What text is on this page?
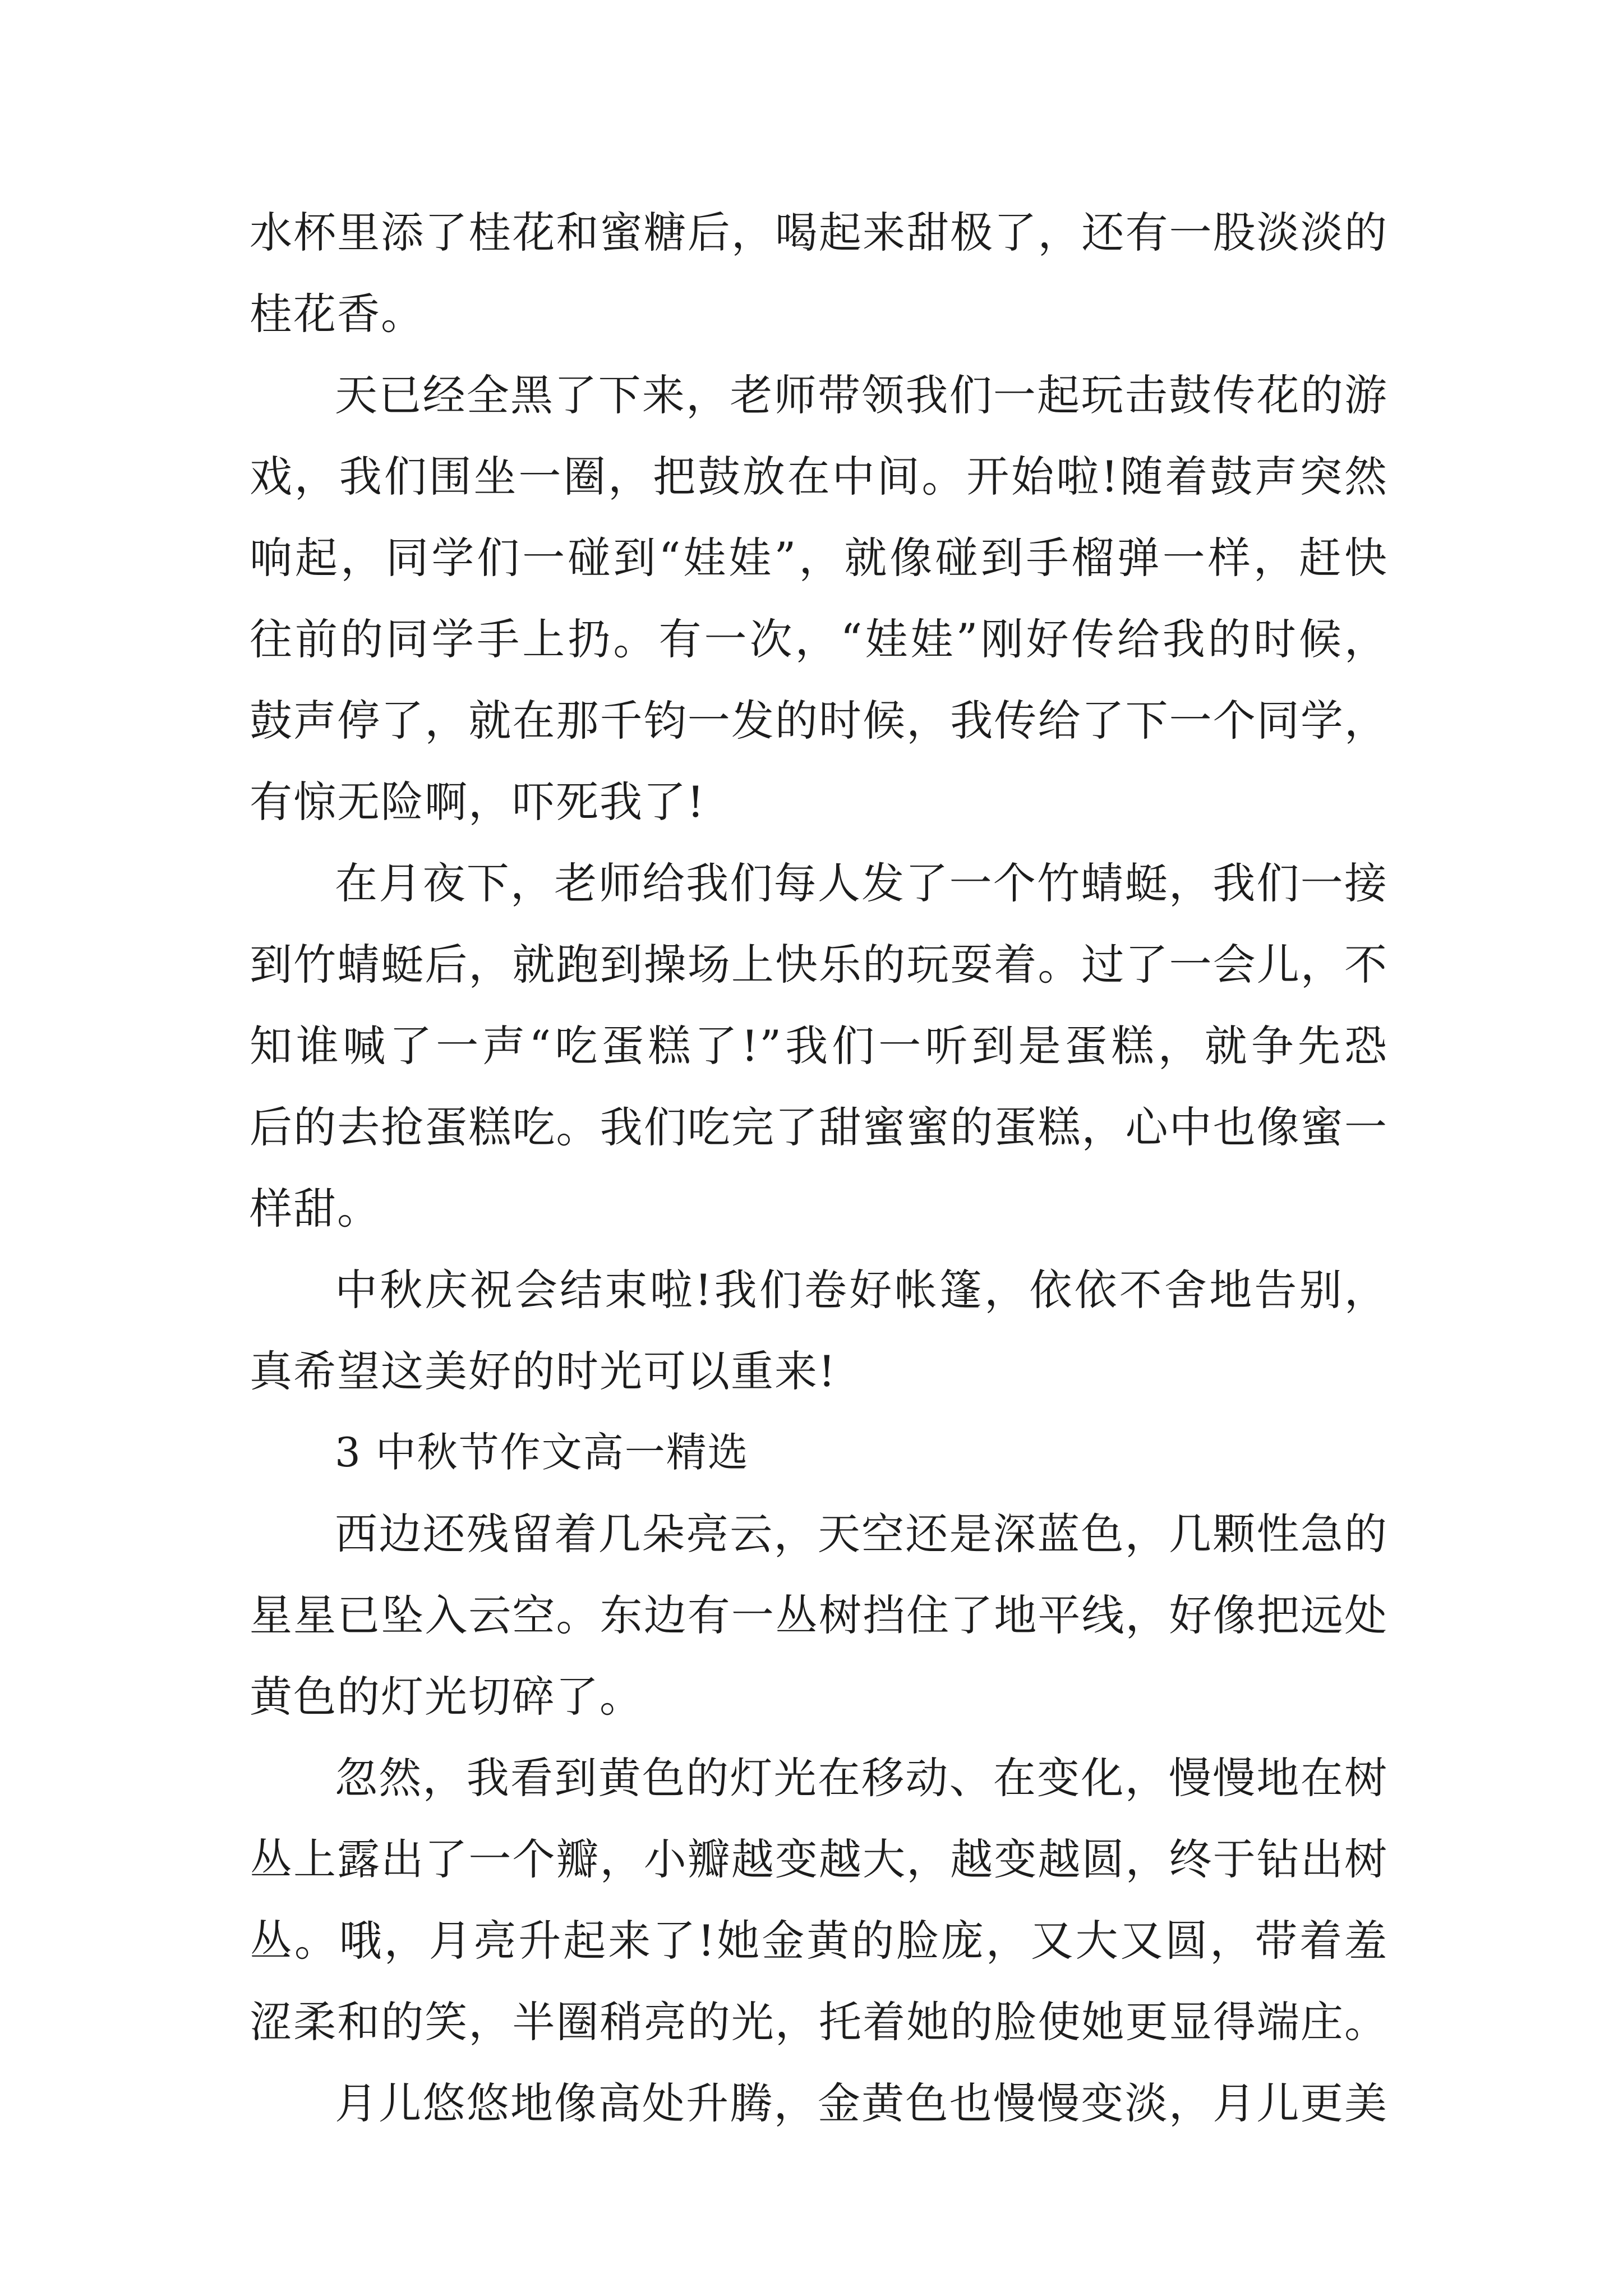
水杯里添了桂花和蜜糖后，喝起来甜极了，还有一股淡淡的
桂花香。
天已经全黑了下来，老师带领我们一起玩击鼓传花的游
戏，我们围坐一圈，把鼓放在中间。开始啦!随着鼓声突然
响起，同学们一碰到“娃娃”，就像碰到手榴弹一样，赶快
往前的同学手上扔。有一次，“娃娃”刚好传给我的时候，
鼓声停了，就在那千钧一发的时候，我传给了下一个同学，
有惊无险啊，吓死我了!
在月夜下，老师给我们每人发了一个竹蜻蜓，我们一接
到竹蜻蜓后，就跑到操场上快乐的玩耍着。过了一会儿，不
知谁喊了一声“吃蛋糕了!”我们一听到是蛋糕，就争先恐
后的去抢蛋糕吃。我们吃完了甜蜜蜜的蛋糕，心中也像蜜一
样甜。
中秋庆祝会结束啦!我们卷好帐篷，依依不舍地告别，
真希望这美好的时光可以重来!
3 中秋节作文高一精选
西边还残留着几朵亮云，天空还是深蓝色，几颗性急的
星星已坠入云空。东边有一丛树挡住了地平线，好像把远处
黄色的灯光切碎了。
忽然，我看到黄色的灯光在移动、在变化，慢慢地在树
丛上露出了一个瓣，小瓣越变越大，越变越圆，终于钻出树
丛。哦，月亮升起来了!她金黄的脸庞，又大又圆，带着羞
涩柔和的笑，半圈稍亮的光，托着她的脸使她更显得端庄。
月儿悠悠地像高处升腾，金黄色也慢慢变淡，月儿更美
